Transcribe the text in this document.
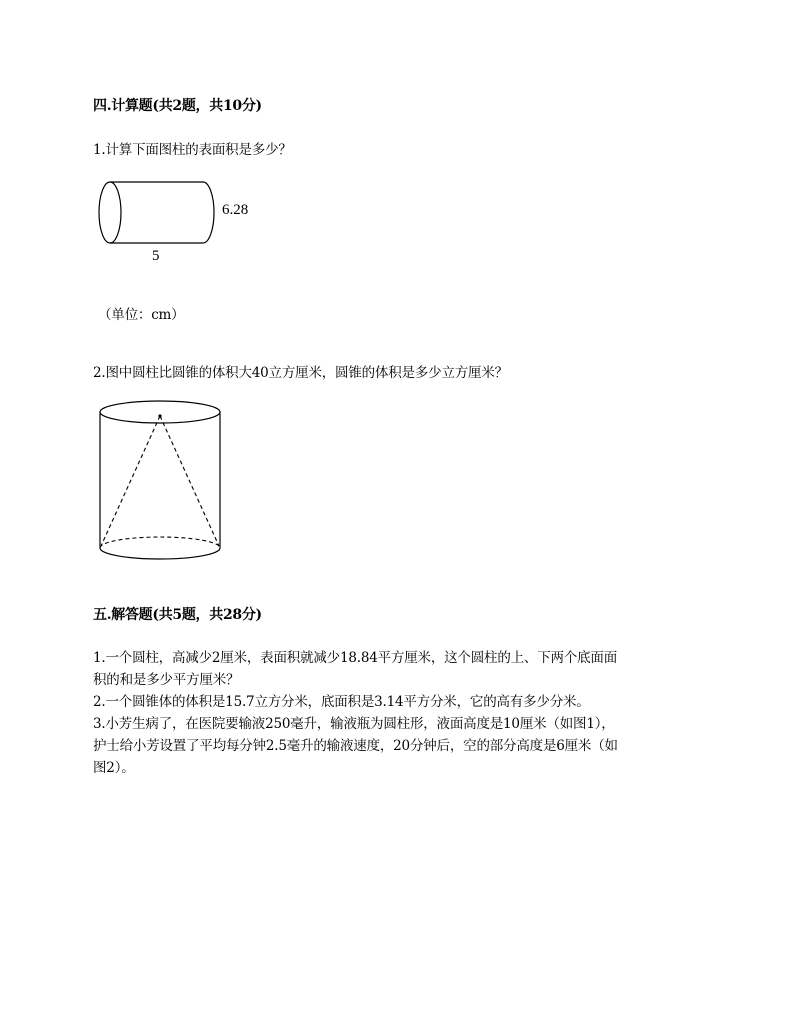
四.计算题(共2题，共10分)

1.计算下面图柱的表面积是多少？

6.28

5

（单位：cm）

2.图中圆柱比圆锥的体积大40立方厘米，圆锥的体积是多少立方厘米？

五.解答题(共5题，共28分)

1.一个圆柱，高减少2厘米，表面积就减少18.84平方厘米，这个圆柱的上、下两个底面面
积的和是多少平方厘米？
2.一个圆锥体的体积是15.7立方分米，底面积是3.14平方分米，它的高有多少分米。
3.小芳生病了，在医院要输液250毫升，输液瓶为圆柱形，液面高度是10厘米（如图1），
护士给小芳设置了平均每分钟2.5毫升的输液速度，20分钟后，空的部分高度是6厘米（如
图2）。
